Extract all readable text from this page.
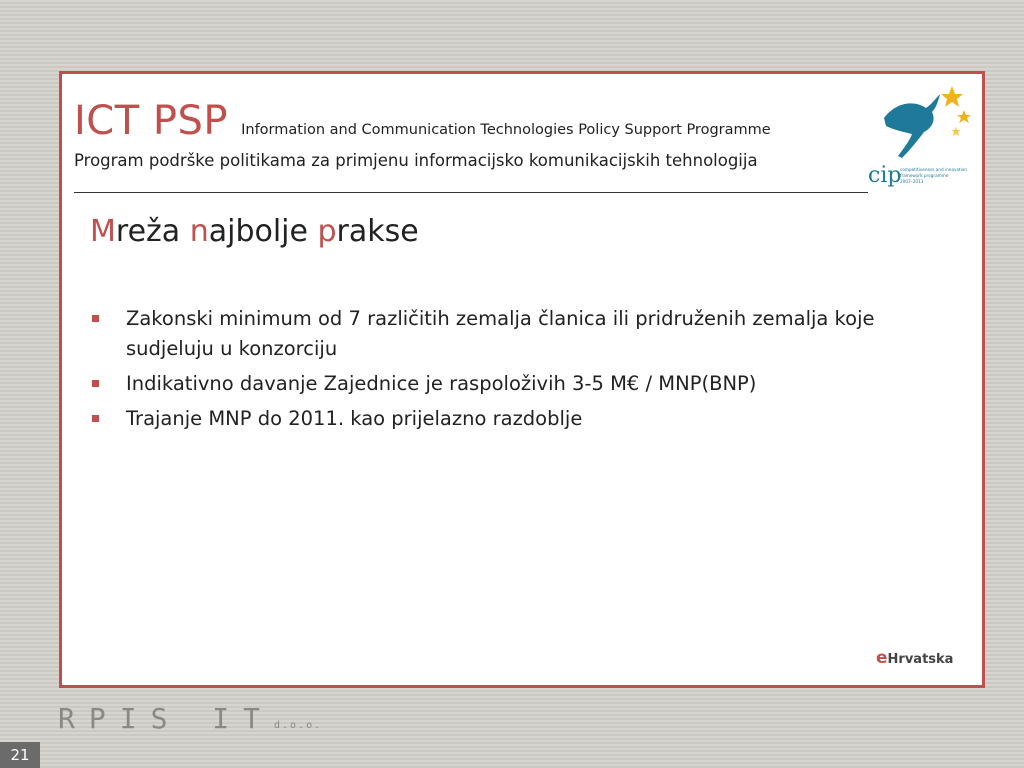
ICT PSP Information and Communication Technologies Policy Support Programme
Program podrške politikama za primjenu informacijsko komunikacijskih tehnologija
cip
competitiveness and innovation
framework programme
2007–2013
Mreža najbolje prakse
Zakonski minimum od 7 različitih zemalja članica ili pridruženih zemalja koje sudjeluju u konzorciju
Indikativno davanje Zajednice je raspoloživih 3-5 M€ / MNP(BNP)
Trajanje MNP do 2011. kao prijelazno razdoblje
eHrvatska
RPIS ITd.o.o.
21
